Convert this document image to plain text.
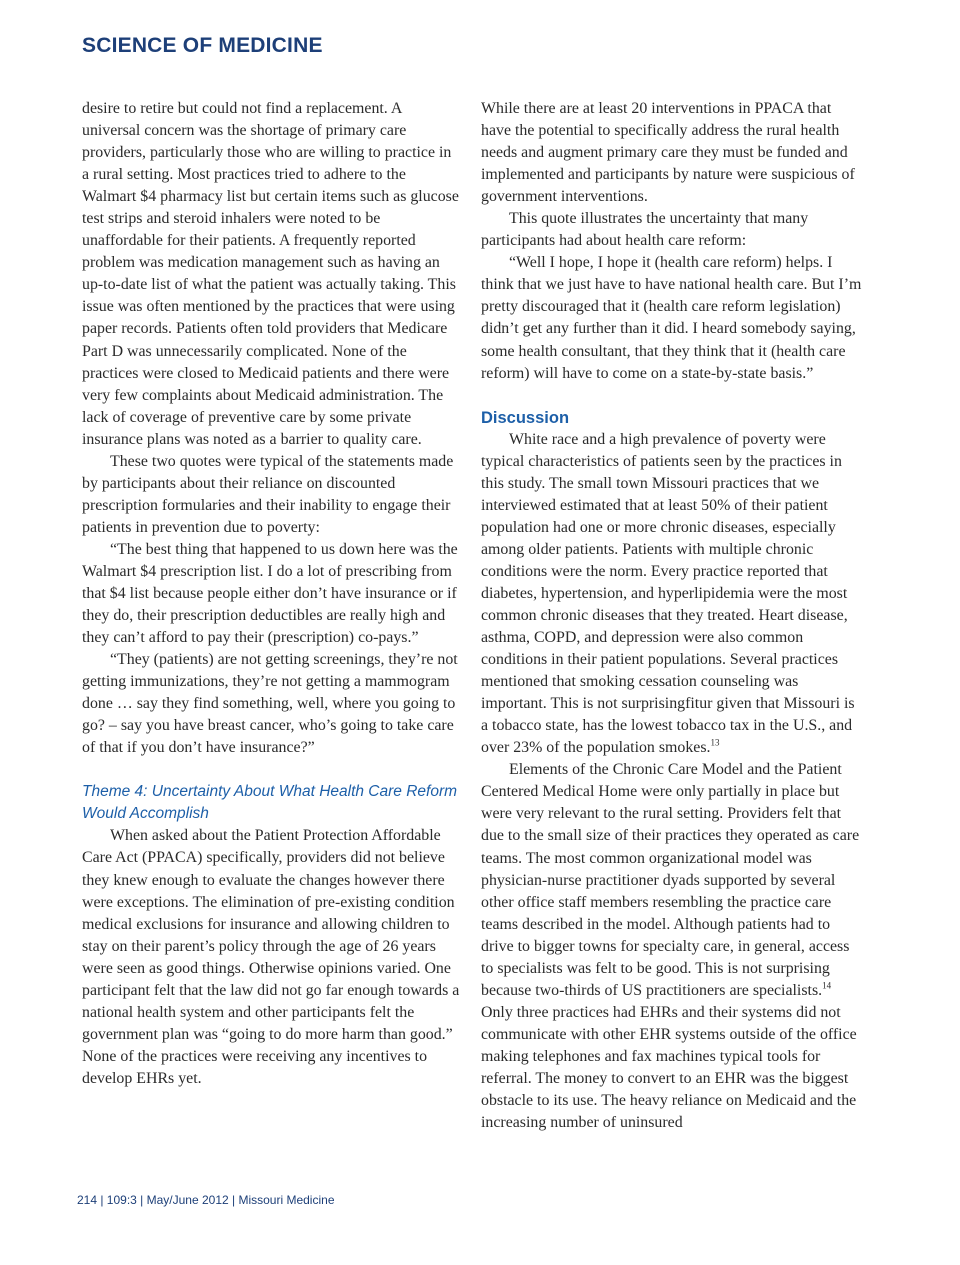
SCIENCE OF MEDICINE

desire to retire but could not find a replacement. A universal concern was the shortage of primary care providers, particularly those who are willing to practice in a rural setting. Most practices tried to adhere to the Walmart $4 pharmacy list but certain items such as glucose test strips and steroid inhalers were noted to be unaffordable for their patients. A frequently reported problem was medication management such as having an up-to-date list of what the patient was actually taking. This issue was often mentioned by the practices that were using paper records. Patients often told providers that Medicare Part D was unnecessarily complicated. None of the practices were closed to Medicaid patients and there were very few complaints about Medicaid administration. The lack of coverage of preventive care by some private insurance plans was noted as a barrier to quality care.

These two quotes were typical of the statements made by participants about their reliance on discounted prescription formularies and their inability to engage their patients in prevention due to poverty:

“The best thing that happened to us down here was the Walmart $4 prescription list. I do a lot of prescribing from that $4 list because people either don’t have insurance or if they do, their prescription deductibles are really high and they can’t afford to pay their (prescription) co-pays.”

“They (patients) are not getting screenings, they’re not getting immunizations, they’re not getting a mammogram done … say they find something, well, where you going to go? – say you have breast cancer, who’s going to take care of that if you don’t have insurance?”

Theme 4: Uncertainty About What Health Care Reform Would Accomplish

When asked about the Patient Protection Affordable Care Act (PPACA) specifically, providers did not believe they knew enough to evaluate the changes however there were exceptions. The elimination of pre-existing condition medical exclusions for insurance and allowing children to stay on their parent’s policy through the age of 26 years were seen as good things. Otherwise opinions varied. One participant felt that the law did not go far enough towards a national health system and other participants felt the government plan was “going to do more harm than good.” None of the practices were receiving any incentives to develop EHRs yet.

While there are at least 20 interventions in PPACA that have the potential to specifically address the rural health needs and augment primary care they must be funded and implemented and participants by nature were suspicious of government interventions.

This quote illustrates the uncertainty that many participants had about health care reform:

“Well I hope, I hope it (health care reform) helps. I think that we just have to have national health care. But I’m pretty discouraged that it (health care reform legislation) didn’t get any further than it did. I heard somebody saying, some health consultant, that they think that it (health care reform) will have to come on a state-by-state basis.”

Discussion

White race and a high prevalence of poverty were typical characteristics of patients seen by the practices in this study. The small town Missouri practices that we interviewed estimated that at least 50% of their patient population had one or more chronic diseases, especially among older patients. Patients with multiple chronic conditions were the norm. Every practice reported that diabetes, hypertension, and hyperlipidemia were the most common chronic diseases that they treated. Heart disease, asthma, COPD, and depression were also common conditions in their patient populations. Several practices mentioned that smoking cessation counseling was important. This is not surprisingfitur given that Missouri is a tobacco state, has the lowest tobacco tax in the U.S., and over 23% of the population smokes.$^{13}$

Elements of the Chronic Care Model and the Patient Centered Medical Home were only partially in place but were very relevant to the rural setting. Providers felt that due to the small size of their practices they operated as care teams. The most common organizational model was physician-nurse practitioner dyads supported by several other office staff members resembling the practice care teams described in the model. Although patients had to drive to bigger towns for specialty care, in general, access to specialists was felt to be good. This is not surprising because two-thirds of US practitioners are specialists.$^{14}$ Only three practices had EHRs and their systems did not communicate with other EHR systems outside of the office making telephones and fax machines typical tools for referral. The money to convert to an EHR was the biggest obstacle to its use. The heavy reliance on Medicaid and the increasing number of uninsured

214 | 109:3 | May/June 2012 | Missouri Medicine
